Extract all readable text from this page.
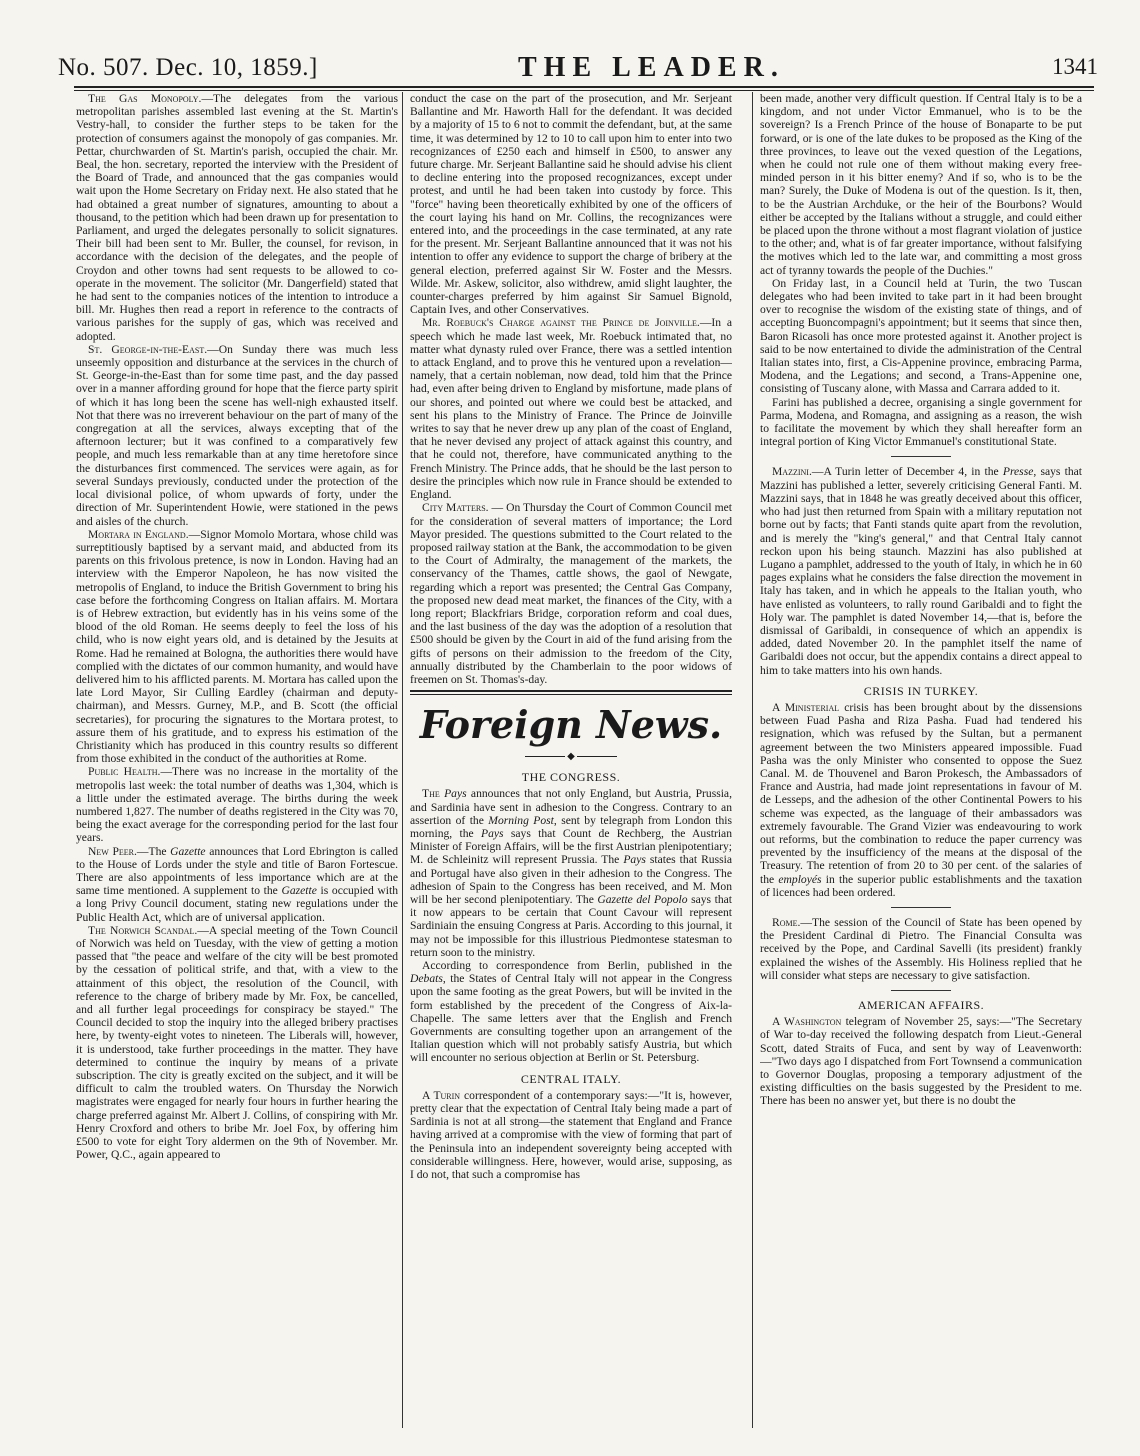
No. 507. Dec. 10, 1859.]	THE LEADER.	1341

The Gas Monopoly.—The delegates from the various metropolitan parishes assembled last evening at the St. Martin's Vestry-hall, to consider the further steps to be taken for the protection of consumers against the monopoly of gas companies. Mr. Pettar, churchwarden of St. Martin's parish, occupied the chair. Mr. Beal, the hon. secretary, reported the interview with the President of the Board of Trade, and announced that the gas companies would wait upon the Home Secretary on Friday next. He also stated that he had obtained a great number of signatures, amounting to about a thousand, to the petition which had been drawn up for presentation to Parliament, and urged the delegates personally to solicit signatures. Their bill had been sent to Mr. Buller, the counsel, for revison, in accordance with the decision of the delegates, and the people of Croydon and other towns had sent requests to be allowed to co-operate in the movement. The solicitor (Mr. Dangerfield) stated that he had sent to the companies notices of the intention to introduce a bill. Mr. Hughes then read a report in reference to the contracts of various parishes for the supply of gas, which was received and adopted.

St. George-in-the-East.—On Sunday there was much less unseemly opposition and disturbance at the services in the church of St. George-in-the-East than for some time past, and the day passed over in a manner affording ground for hope that the fierce party spirit of which it has long been the scene has well-nigh exhausted itself. Not that there was no irreverent behaviour on the part of many of the congregation at all the services, always excepting that of the afternoon lecturer; but it was confined to a comparatively few people, and much less remarkable than at any time heretofore since the disturbances first commenced. The services were again, as for several Sundays previously, conducted under the protection of the local divisional police, of whom upwards of forty, under the direction of Mr. Superintendent Howie, were stationed in the pews and aisles of the church.

Mortara in England.—Signor Momolo Mortara, whose child was surreptitiously baptised by a servant maid, and abducted from its parents on this frivolous pretence, is now in London. Having had an interview with the Emperor Napoleon, he has now visited the metropolis of England, to induce the British Government to bring his case before the forthcoming Congress on Italian affairs. M. Mortara is of Hebrew extraction, but evidently has in his veins some of the blood of the old Roman. He seems deeply to feel the loss of his child, who is now eight years old, and is detained by the Jesuits at Rome. Had he remained at Bologna, the authorities there would have complied with the dictates of our common humanity, and would have delivered him to his afflicted parents. M. Mortara has called upon the late Lord Mayor, Sir Culling Eardley (chairman and deputy-chairman), and Messrs. Gurney, M.P., and B. Scott (the official secretaries), for procuring the signatures to the Mortara protest, to assure them of his gratitude, and to express his estimation of the Christianity which has produced in this country results so different from those exhibited in the conduct of the authorities at Rome.

Public Health.—There was no increase in the mortality of the metropolis last week: the total number of deaths was 1,304, which is a little under the estimated average. The births during the week numbered 1,827. The number of deaths registered in the City was 70, being the exact average for the corresponding period for the last four years.

New Peer.—The Gazette announces that Lord Ebrington is called to the House of Lords under the style and title of Baron Fortescue. There are also appointments of less importance which are at the same time mentioned. A supplement to the Gazette is occupied with a long Privy Council document, stating new regulations under the Public Health Act, which are of universal application.

The Norwich Scandal.—A special meeting of the Town Council of Norwich was held on Tuesday, with the view of getting a motion passed that "the peace and welfare of the city will be best promoted by the cessation of political strife, and that, with a view to the attainment of this object, the resolution of the Council, with reference to the charge of bribery made by Mr. Fox, be cancelled, and all further legal proceedings for conspiracy be stayed." The Council decided to stop the inquiry into the alleged bribery practises here, by twenty-eight votes to nineteen. The Liberals will, however, it is understood, take further proceedings in the matter. They have determined to continue the inquiry by means of a private subscription. The city is greatly excited on the subject, and it will be difficult to calm the troubled waters. On Thursday the Norwich magistrates were engaged for nearly four hours in further hearing the charge preferred against Mr. Albert J. Collins, of conspiring with Mr. Henry Croxford and others to bribe Mr. Joel Fox, by offering him £500 to vote for eight Tory aldermen on the 9th of November. Mr. Power, Q.C., again appeared to

conduct the case on the part of the prosecution, and Mr. Serjeant Ballantine and Mr. Haworth Hall for the defendant. It was decided by a majority of 15 to 6 not to commit the defendant, but, at the same time, it was determined by 12 to 10 to call upon him to enter into two recognizances of £250 each and himself in £500, to answer any future charge. Mr. Serjeant Ballantine said he should advise his client to decline entering into the proposed recognizances, except under protest, and until he had been taken into custody by force. This "force" having been theoretically exhibited by one of the officers of the court laying his hand on Mr. Collins, the recognizances were entered into, and the proceedings in the case terminated, at any rate for the present. Mr. Serjeant Ballantine announced that it was not his intention to offer any evidence to support the charge of bribery at the general election, preferred against Sir W. Foster and the Messrs. Wilde. Mr. Askew, solicitor, also withdrew, amid slight laughter, the counter-charges preferred by him against Sir Samuel Bignold, Captain Ives, and other Conservatives.

Mr. Roebuck's Charge against the Prince de Joinville.—In a speech which he made last week, Mr. Roebuck intimated that, no matter what dynasty ruled over France, there was a settled intention to attack England, and to prove this he ventured upon a revelation—namely, that a certain nobleman, now dead, told him that the Prince had, even after being driven to England by misfortune, made plans of our shores, and pointed out where we could best be attacked, and sent his plans to the Ministry of France. The Prince de Joinville writes to say that he never drew up any plan of the coast of England, that he never devised any project of attack against this country, and that he could not, therefore, have communicated anything to the French Ministry. The Prince adds, that he should be the last person to desire the principles which now rule in France should be extended to England.

City Matters. — On Thursday the Court of Common Council met for the consideration of several matters of importance; the Lord Mayor presided. The questions submitted to the Court related to the proposed railway station at the Bank, the accommodation to be given to the Court of Admiralty, the management of the markets, the conservancy of the Thames, cattle shows, the gaol of Newgate, regarding which a report was presented; the Central Gas Company, the proposed new dead meat market, the finances of the City, with a long report; Blackfriars Bridge, corporation reform and coal dues, and the last business of the day was the adoption of a resolution that £500 should be given by the Court in aid of the fund arising from the gifts of persons on their admission to the freedom of the City, annually distributed by the Chamberlain to the poor widows of freemen on St. Thomas's-day.

Foreign News.
◆
THE CONGRESS.

The Pays announces that not only England, but Austria, Prussia, and Sardinia have sent in adhesion to the Congress. Contrary to an assertion of the Morning Post, sent by telegraph from London this morning, the Pays says that Count de Rechberg, the Austrian Minister of Foreign Affairs, will be the first Austrian plenipotentiary; M. de Schleinitz will represent Prussia. The Pays states that Russia and Portugal have also given in their adhesion to the Congress. The adhesion of Spain to the Congress has been received, and M. Mon will be her second plenipotentiary. The Gazette del Popolo says that it now appears to be certain that Count Cavour will represent Sardiniain the ensuing Congress at Paris. According to this journal, it may not be impossible for this illustrious Piedmontese statesman to return soon to the ministry.

According to correspondence from Berlin, published in the Debats, the States of Central Italy will not appear in the Congress upon the same footing as the great Powers, but will be invited in the form established by the precedent of the Congress of Aix-la-Chapelle. The same letters aver that the English and French Governments are consulting together upon an arrangement of the Italian question which will not probably satisfy Austria, but which will encounter no serious objection at Berlin or St. Petersburg.

CENTRAL ITALY.

A Turin correspondent of a contemporary says:—"It is, however, pretty clear that the expectation of Central Italy being made a part of Sardinia is not at all strong—the statement that England and France having arrived at a compromise with the view of forming that part of the Peninsula into an independent sovereignty being accepted with considerable willingness. Here, however, would arise, supposing, as I do not, that such a compromise has

been made, another very difficult question. If Central Italy is to be a kingdom, and not under Victor Emmanuel, who is to be the sovereign? Is a French Prince of the house of Bonaparte to be put forward, or is one of the late dukes to be proposed as the King of the three provinces, to leave out the vexed question of the Legations, when he could not rule one of them without making every free-minded person in it his bitter enemy? And if so, who is to be the man? Surely, the Duke of Modena is out of the question. Is it, then, to be the Austrian Archduke, or the heir of the Bourbons? Would either be accepted by the Italians without a struggle, and could either be placed upon the throne without a most flagrant violation of justice to the other; and, what is of far greater importance, without falsifying the motives which led to the late war, and committing a most gross act of tyranny towards the people of the Duchies."

On Friday last, in a Council held at Turin, the two Tuscan delegates who had been invited to take part in it had been brought over to recognise the wisdom of the existing state of things, and of accepting Buoncompagni's appointment; but it seems that since then, Baron Ricasoli has once more protested against it. Another project is said to be now entertained to divide the administration of the Central Italian states into, first, a Cis-Appenine province, embracing Parma, Modena, and the Legations; and second, a Trans-Appenine one, consisting of Tuscany alone, with Massa and Carrara added to it.

Farini has published a decree, organising a single government for Parma, Modena, and Romagna, and assigning as a reason, the wish to facilitate the movement by which they shall hereafter form an integral portion of King Victor Emmanuel's constitutional State.

Mazzini.—A Turin letter of December 4, in the Presse, says that Mazzini has published a letter, severely criticising General Fanti. M. Mazzini says, that in 1848 he was greatly deceived about this officer, who had just then returned from Spain with a military reputation not borne out by facts; that Fanti stands quite apart from the revolution, and is merely the "king's general," and that Central Italy cannot reckon upon his being staunch. Mazzini has also published at Lugano a pamphlet, addressed to the youth of Italy, in which he in 60 pages explains what he considers the false direction the movement in Italy has taken, and in which he appeals to the Italian youth, who have enlisted as volunteers, to rally round Garibaldi and to fight the Holy war. The pamphlet is dated November 14,—that is, before the dismissal of Garibaldi, in consequence of which an appendix is added, dated November 20. In the pamphlet itself the name of Garibaldi does not occur, but the appendix contains a direct appeal to him to take matters into his own hands.

CRISIS IN TURKEY.

A Ministerial crisis has been brought about by the dissensions between Fuad Pasha and Riza Pasha. Fuad had tendered his resignation, which was refused by the Sultan, but a permanent agreement between the two Ministers appeared impossible. Fuad Pasha was the only Minister who consented to oppose the Suez Canal. M. de Thouvenel and Baron Prokesch, the Ambassadors of France and Austria, had made joint representations in favour of M. de Lesseps, and the adhesion of the other Continental Powers to his scheme was expected, as the language of their ambassadors was extremely favourable. The Grand Vizier was endeavouring to work out reforms, but the combination to reduce the paper currency was prevented by the insufficiency of the means at the disposal of the Treasury. The retention of from 20 to 30 per cent. of the salaries of the employés in the superior public establishments and the taxation of licences had been ordered.

Rome.—The session of the Council of State has been opened by the President Cardinal di Pietro. The Financial Consulta was received by the Pope, and Cardinal Savelli (its president) frankly explained the wishes of the Assembly. His Holiness replied that he will consider what steps are necessary to give satisfaction.

AMERICAN AFFAIRS.

A Washington telegram of November 25, says:—"The Secretary of War to-day received the following despatch from Lieut.-General Scott, dated Straits of Fuca, and sent by way of Leavenworth:—"Two days ago I dispatched from Fort Townsend a communication to Governor Douglas, proposing a temporary adjustment of the existing difficulties on the basis suggested by the President to me. There has been no answer yet, but there is no doubt the
